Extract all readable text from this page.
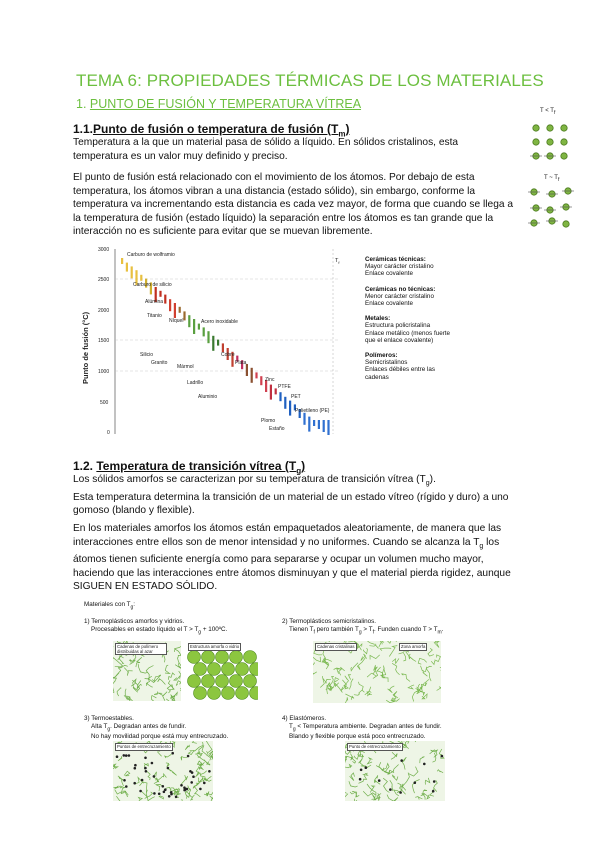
TEMA 6: PROPIEDADES TÉRMICAS DE LOS MATERIALES
1. PUNTO DE FUSIÓN Y TEMPERATURA VÍTREA
1.1.Punto de fusión o temperatura de fusión $(T_m)$
Temperatura a la que un material pasa de sólido a líquido. En sólidos cristalinos, esta temperatura es un valor muy definido y preciso.
El punto de fusión está relacionado con el movimiento de los átomos. Por debajo de esta temperatura, los átomos vibran a una distancia (estado sólido), sin embargo, conforme la temperatura va incrementando esta distancia es cada vez mayor, de forma que cuando se llega a la temperatura de fusión (estado líquido) la separación entre los átomos es tan grande que la interacción no es suficiente para evitar que se muevan libremente.
$T < T_f$
T ~ $T_f$
Punto de fusión (°C)
3000
2500
2000
1500
1000
500
0
Carburo de wolframio
Carburo de silicio
Alúmina
Titanio
Níquel	Acero inoxidable
Silicio
Granito
Mármol
Cobre
Plata
Ladrillo
Aluminio
Zinc
PTFE
PET
Plomo
Estaño
Polietileno (PE)
$T_f$	Cerámicas técnicas:
Mayor carácter cristalino
Enlace covalente
Cerámicas no técnicas:
Menor carácter cristalino
Enlace covalente
Metales:
Estructura policristalina
Enlace metálico (menos fuerte
que el enlace covalente)
Polímeros:
Semicristalinos
Enlaces débiles entre las
cadenas
1.2. Temperatura de transición vítrea $(T_g)$
Los sólidos amorfos se caracterizan por su temperatura de transición vítrea $(T_g)$.
Esta temperatura determina la transición de un material de un estado vítreo (rígido y duro) a uno gomoso (blando y flexible).
En los materiales amorfos los átomos están empaquetados aleatoriamente, de manera que las interacciones entre ellos son de menor intensidad y no uniformes. Cuando se alcanza la $T_g$ los átomos tienen suficiente energía como para separarse y ocupar un volumen mucho mayor, haciendo que las interacciones entre átomos disminuyan y que el material pierda rigidez, aunque SIGUEN EN ESTADO SÓLIDO.
Materiales con $T_g$:
1) Termoplásticos amorfos y vidrios.
Procesables en estado líquido el $T > T_g$ + 100ºC.
2) Termoplásticos semicristalinos.
Tienen $T_f$ pero también $T_g > T_f$. Funden cuando $T > T_m$.
Cadenas de polímero distribuidas al azar
Estructura amorfa o vidrio	Cadenas cristalinas	Zona amorfa
3) Termoestables.
Alta $T_g$. Degradan antes de fundir.
No hay movilidad porque está muy entrecruzado.
4) Elastómeros.
$T_g$ < Temperatura ambiente. Degradan antes de fundir.
Blando y flexible porque está poco entrecruzado.
Puntos de entrecruzamiento	Punto de entrecruzamiento
